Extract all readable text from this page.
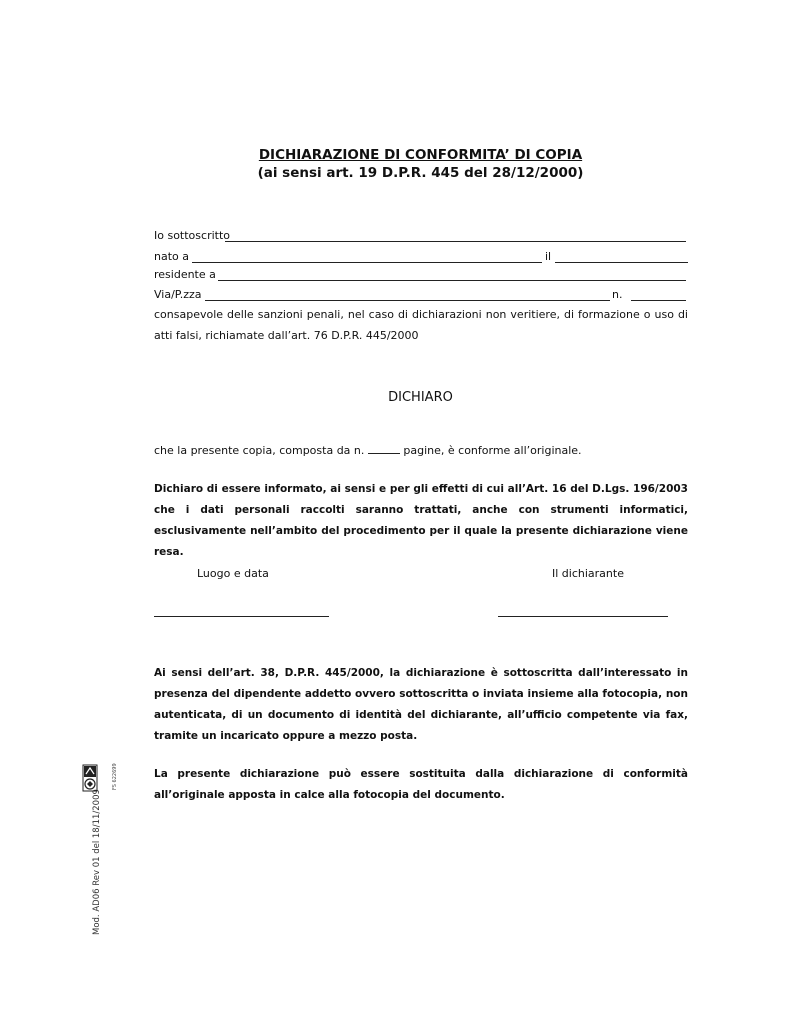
DICHIARAZIONE DI CONFORMITA’ DI COPIA
(ai sensi art. 19 D.P.R. 445 del 28/12/2000)
Io sottoscritto
nato a	il
residente a
Via/P.zza	n.
consapevole delle sanzioni penali, nel caso di dichiarazioni non veritiere, di formazione o uso di atti falsi, richiamate dall’art. 76 D.P.R. 445/2000
DICHIARO
che la presente copia, composta da n.	pagine, è conforme all’originale.
Dichiaro di essere informato, ai sensi e per gli effetti di cui all’Art. 16 del D.Lgs. 196/2003 che i dati personali raccolti saranno trattati, anche con strumenti informatici, esclusivamente nell’ambito del procedimento per il quale la presente dichiarazione viene resa.
Luogo e data	Il dichiarante
Ai sensi dell’art. 38, D.P.R. 445/2000, la dichiarazione è sottoscritta dall’interessato in presenza del dipendente addetto ovvero sottoscritta o inviata insieme alla fotocopia, non autenticata, di un documento di identità del dichiarante, all’ufficio competente via fax, tramite un incaricato oppure a mezzo posta.
La presente dichiarazione può essere sostituita dalla dichiarazione di conformità all’originale apposta in calce alla fotocopia del documento.
Mod. AD06 Rev 01 del 18/11/2009
FS 622699
